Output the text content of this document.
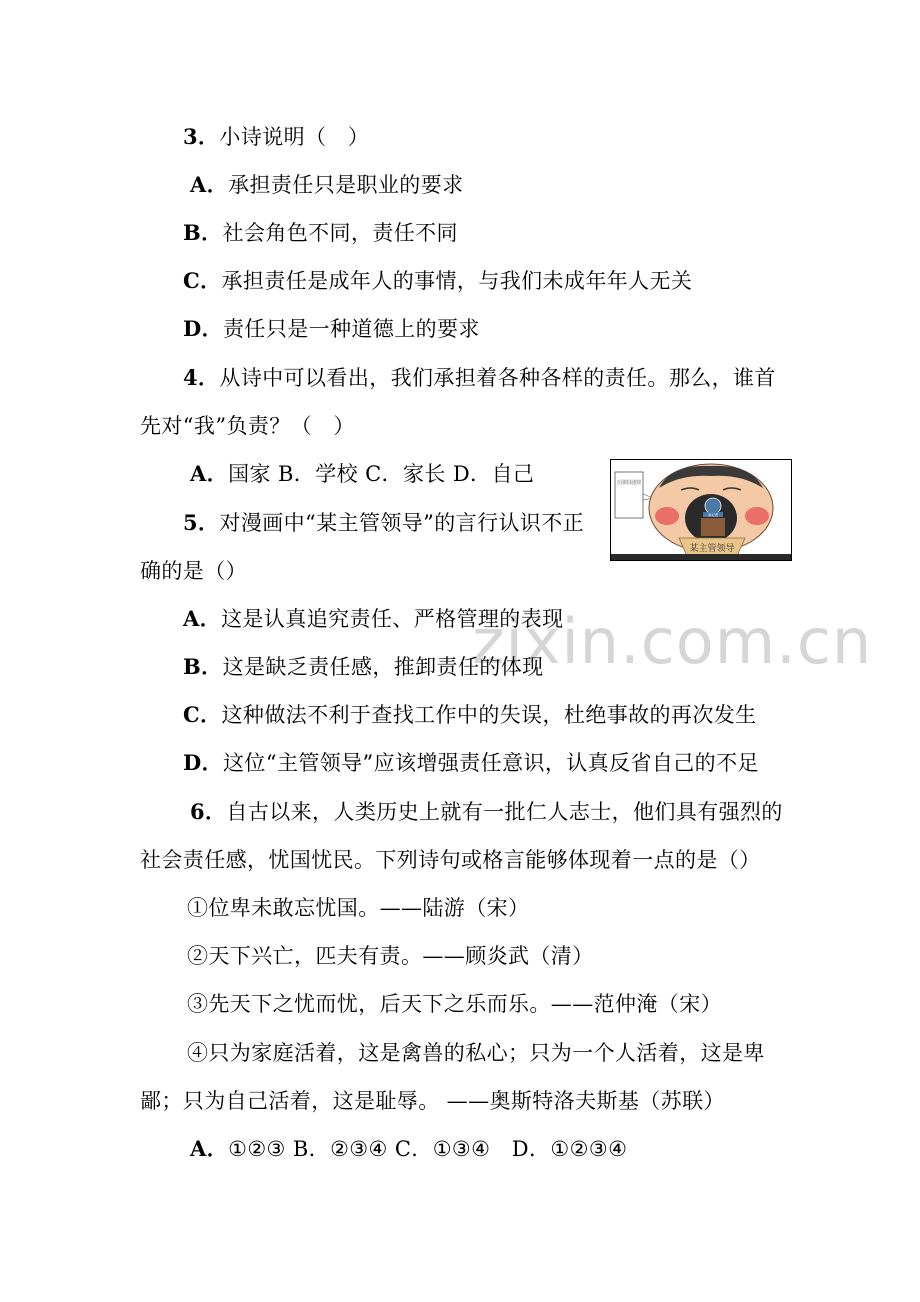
zixin.com.cn
3．小诗说明（　）
A．承担责任只是职业的要求
B．社会角色不同，责任不同
C．承担责任是成年人的事情，与我们未成年年人无关
D．责任只是一种道德上的要求
4．从诗中可以看出，我们承担着各种各样的责任。那么，谁首
先对“我”负责？（　）
A．国家 B．学校 C．家长 D．自己
5．对漫画中“某主管领导”的言行认识不正
确的是（）
A．这是认真追究责任、严格管理的表现
B．这是缺乏责任感，推卸责任的体现
C．这种做法不利于查找工作中的失误，杜绝事故的再次发生
D．这位“主管领导”应该增强责任意识，认真反省自己的不足
6．自古以来，人类历史上就有一批仁人志士，他们具有强烈的
社会责任感，忧国忧民。下列诗句或格言能够体现着一点的是（）
①位卑未敢忘忧国。——陆游（宋）
②天下兴亡，匹夫有责。——顾炎武（清）
③先天下之忧而忧，后天下之乐而乐。——范仲淹（宋）
④只为家庭活着，这是禽兽的私心；只为一个人活着，这是卑
鄙；只为自己活着，这是耻辱。 ——奥斯特洛夫斯基（苏联）
A．①②③ B．②③④ C．①③④　D．①②③④
这不是我的错 那是他们的错
某记者
某主管领导
